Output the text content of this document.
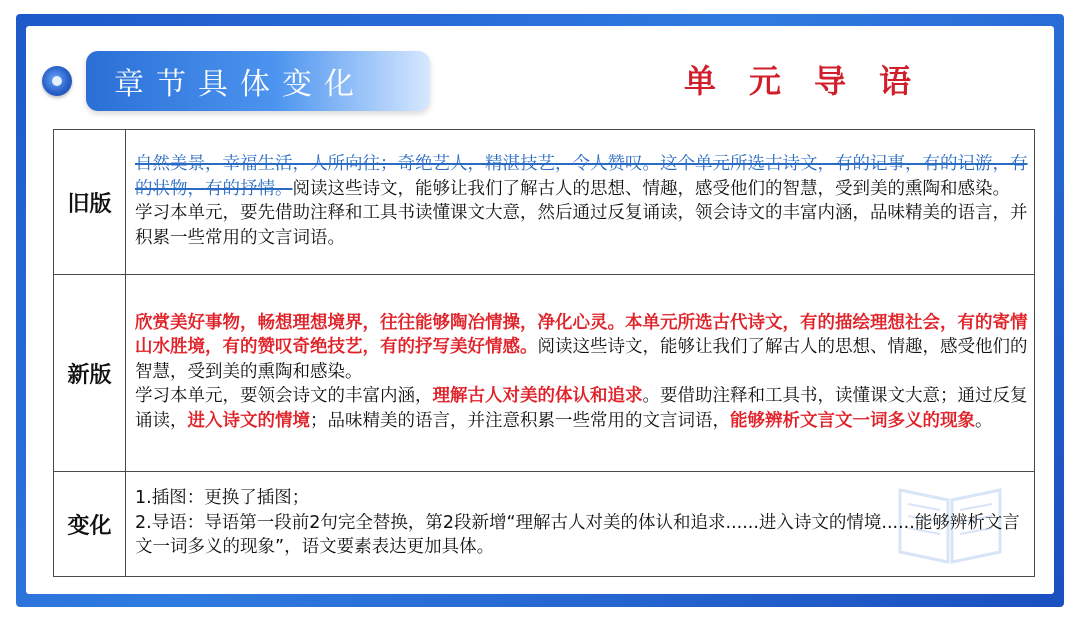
章节具体变化	单元导语
旧版	自然美景，幸福生活，人所向往；奇绝艺人，精湛技艺，令人赞叹。这个单元所选古诗文，有的记事，有的记游，有的状物，有的抒情。阅读这些诗文，能够让我们了解古人的思想、情趣，感受他们的智慧，受到美的熏陶和感染。
学习本单元，要先借助注释和工具书读懂课文大意，然后通过反复诵读，领会诗文的丰富内涵，品味精美的语言，并积累一些常用的文言词语。

新版	欣赏美好事物，畅想理想境界，往往能够陶冶情操，净化心灵。本单元所选古代诗文，有的描绘理想社会，有的寄情山水胜境，有的赞叹奇绝技艺，有的抒写美好情感。阅读这些诗文，能够让我们了解古人的思想、情趣，感受他们的智慧，受到美的熏陶和感染。
学习本单元，要领会诗文的丰富内涵，理解古人对美的体认和追求。要借助注释和工具书，读懂课文大意；通过反复诵读，进入诗文的情境；品味精美的语言，并注意积累一些常用的文言词语，能够辨析文言文一词多义的现象。

变化	1.插图：更换了插图；
2.导语：导语第一段前2句完全替换，第2段新增“理解古人对美的体认和追求......进入诗文的情境......能够辨析文言文一词多义的现象”，语文要素表达更加具体。
